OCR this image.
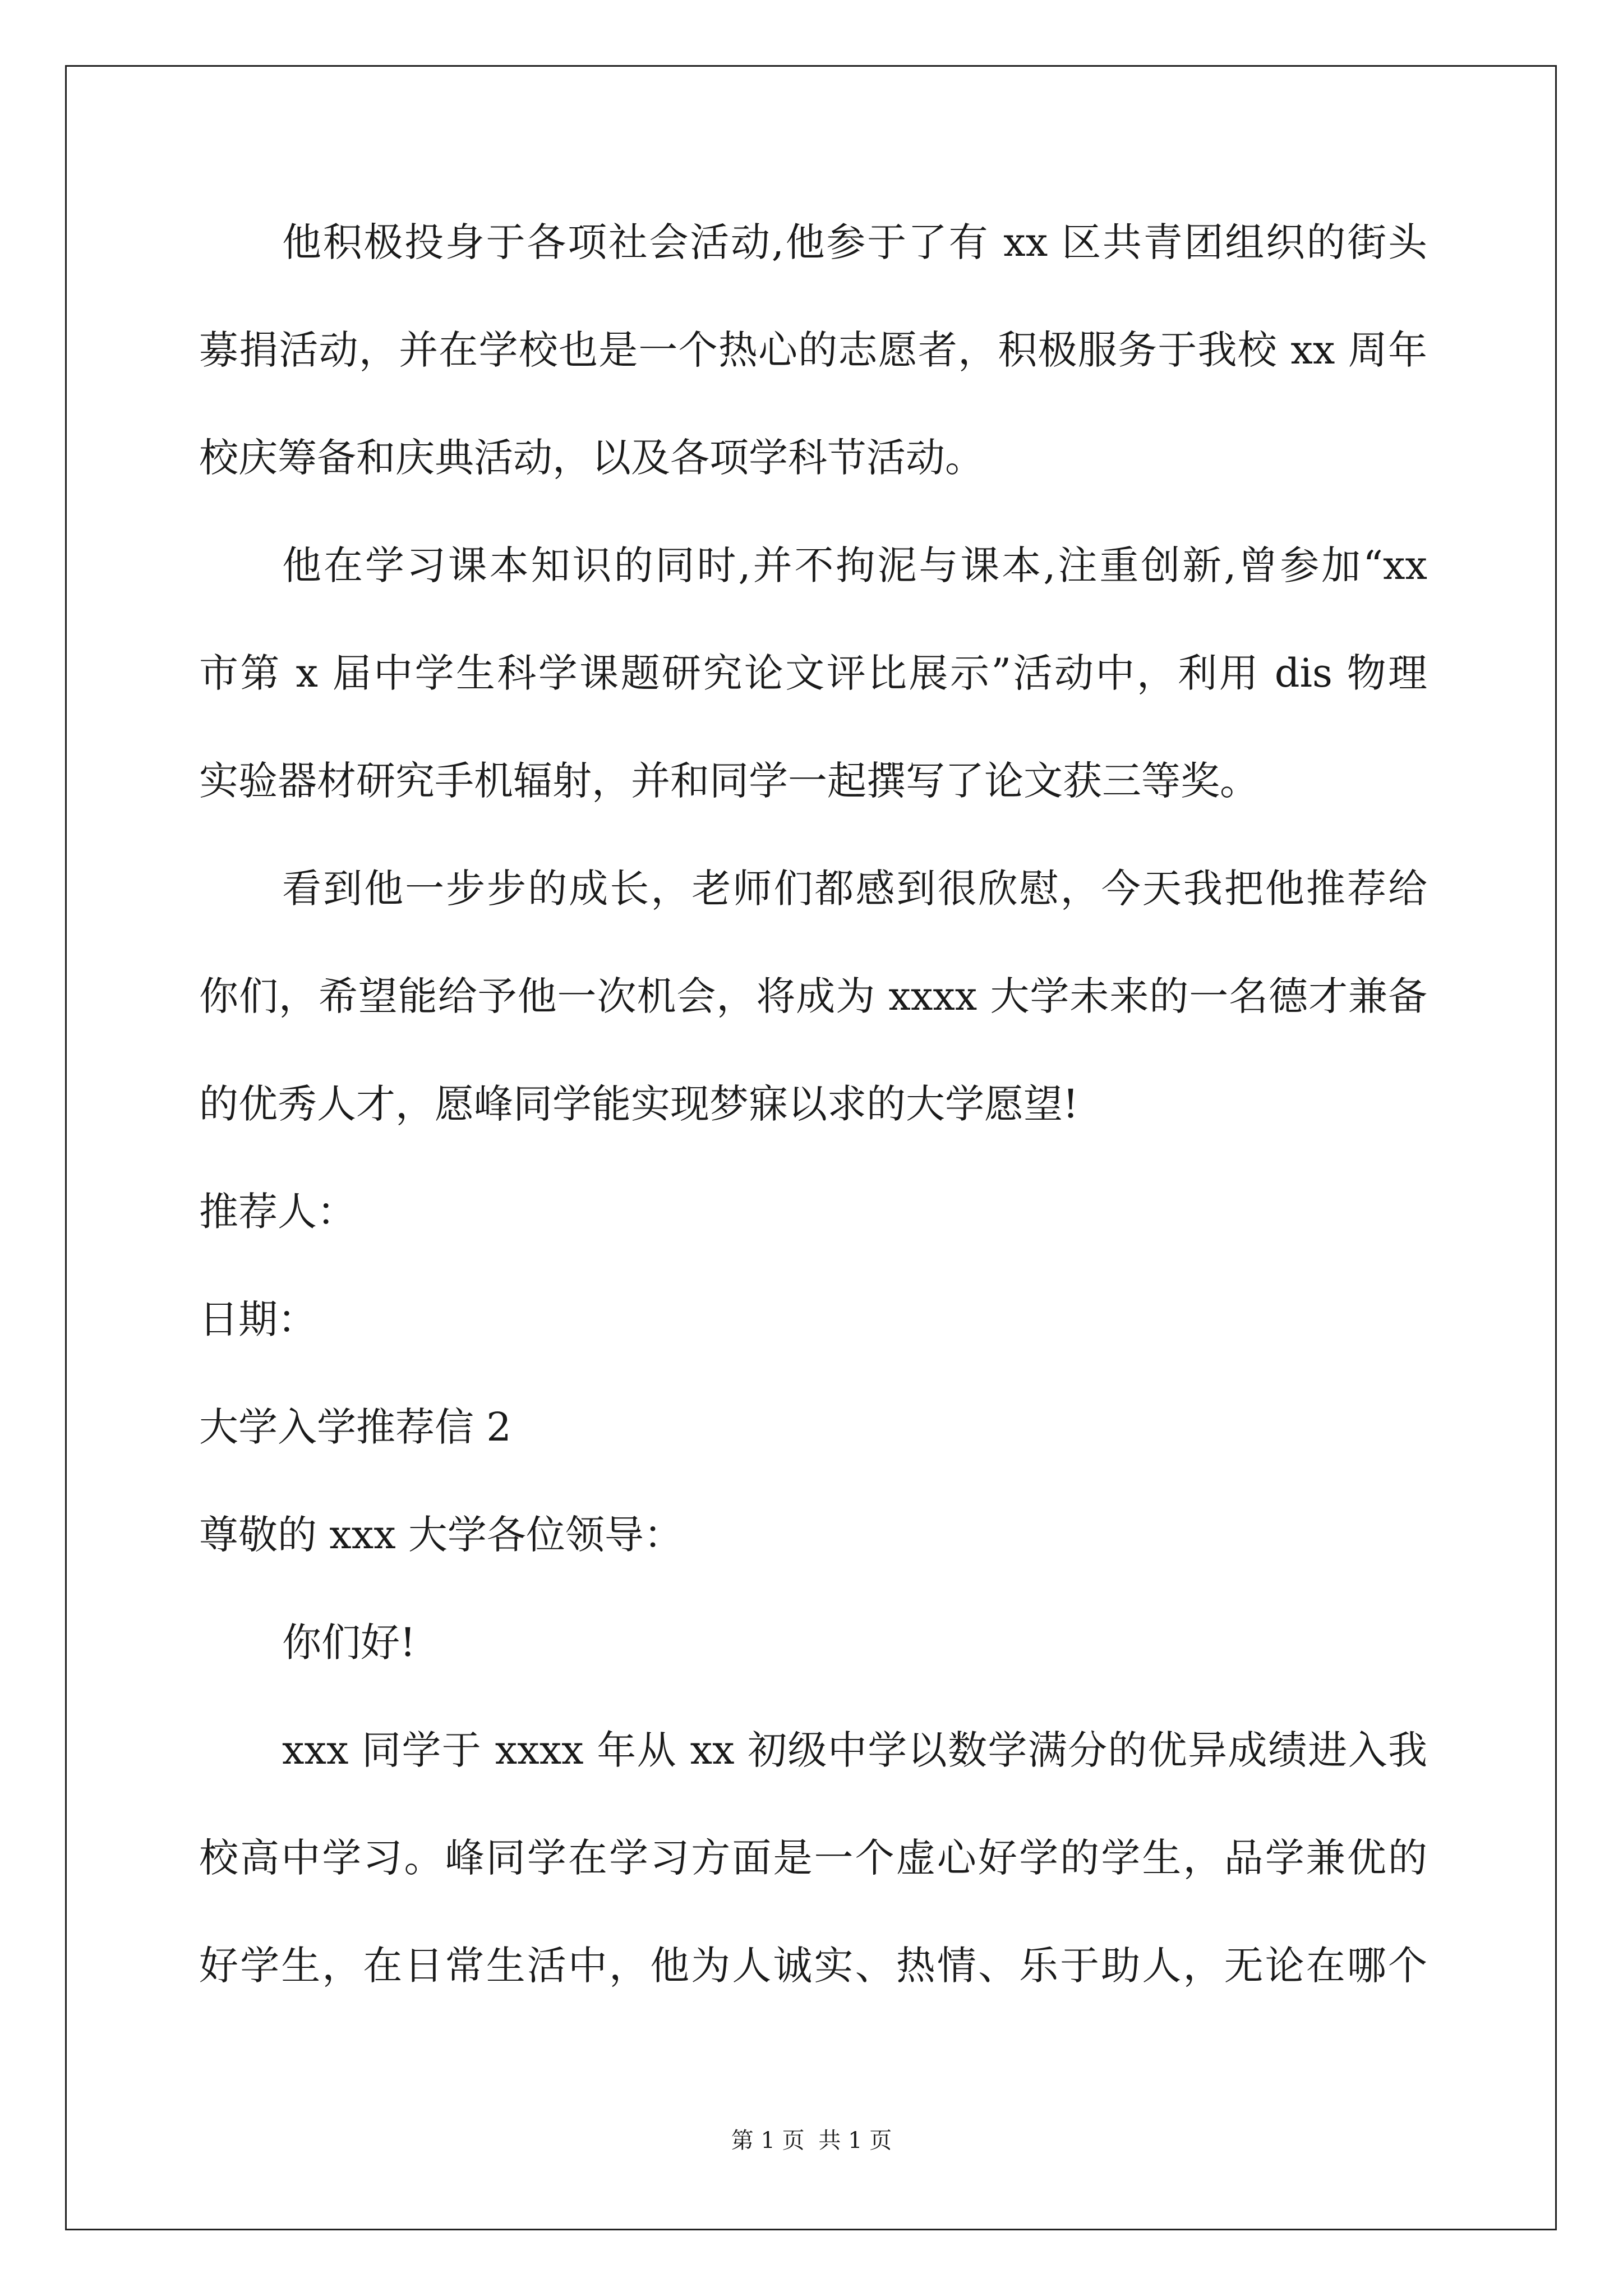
他积极投身于各项社会活动,他参于了有 xx 区共青团组织的街头
募捐活动，并在学校也是一个热心的志愿者，积极服务于我校 xx 周年
校庆筹备和庆典活动，以及各项学科节活动。
他在学习课本知识的同时,并不拘泥与课本,注重创新,曾参加“xx
市第 x 届中学生科学课题研究论文评比展示”活动中，利用 dis 物理
实验器材研究手机辐射，并和同学一起撰写了论文获三等奖。
看到他一步步的成长，老师们都感到很欣慰，今天我把他推荐给
你们，希望能给予他一次机会，将成为 xxxx 大学未来的一名德才兼备
的优秀人才，愿峰同学能实现梦寐以求的大学愿望!
推荐人：
日期：
大学入学推荐信 2
尊敬的 xxx 大学各位领导：
你们好!
xxx 同学于 xxxx 年从 xx 初级中学以数学满分的优异成绩进入我
校高中学习。峰同学在学习方面是一个虚心好学的学生，品学兼优的
好学生，在日常生活中，他为人诚实、热情、乐于助人，无论在哪个
第 1 页 共 1 页
